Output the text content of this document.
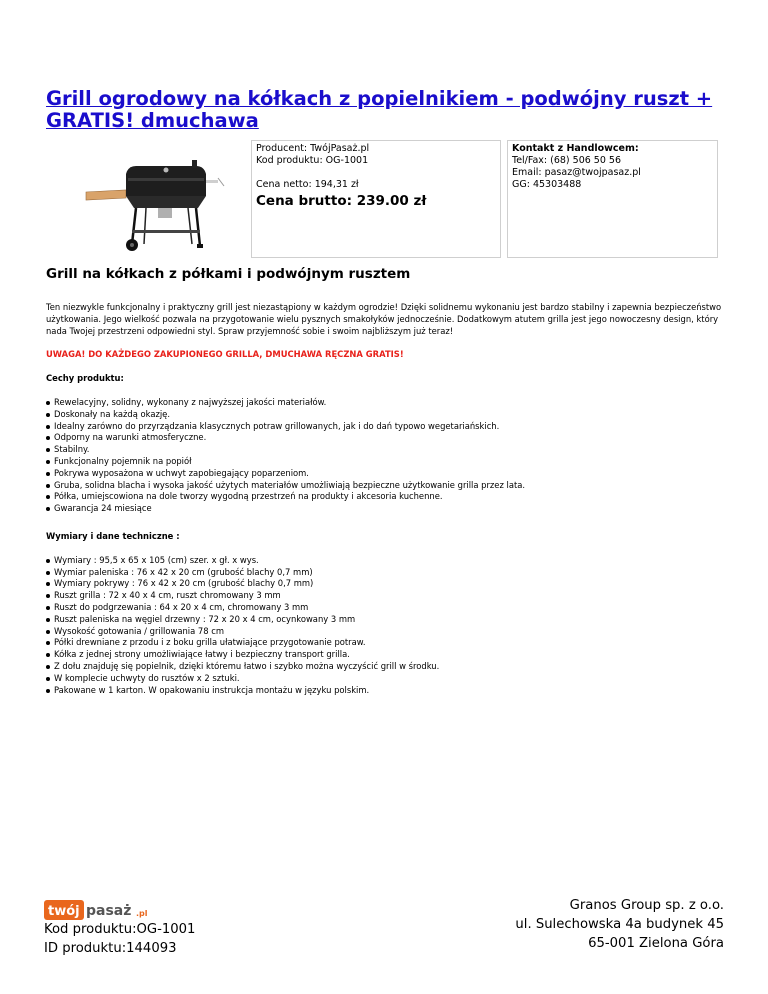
Grill ogrodowy na kółkach z popielnikiem - podwójny ruszt + GRATIS! dmuchawa
Producent: TwójPasaż.pl
Kod produktu: OG-1001
Cena netto: 194,31 zł
Cena brutto: 239.00 zł
Kontakt z Handlowcem:
Tel/Fax: (68) 506 50 56
Email: pasaz@twojpasaz.pl
GG: 45303488
Grill na kółkach z półkami i podwójnym rusztem

Ten niezwykle funkcjonalny i praktyczny grill jest niezastąpiony w każdym ogrodzie! Dzięki solidnemu wykonaniu jest bardzo stabilny i zapewnia bezpieczeństwo użytkowania. Jego wielkość pozwala na przygotowanie wielu pysznych smakołyków jednocześnie. Dodatkowym atutem grilla jest jego nowoczesny design, który nada Twojej przestrzeni odpowiedni styl. Spraw przyjemność sobie i swoim najbliższym już teraz!

UWAGA! DO KAŻDEGO ZAKUPIONEGO GRILLA, DMUCHAWA RĘCZNA GRATIS!

Cechy produktu:

Rewelacyjny, solidny, wykonany z najwyższej jakości materiałów.
Doskonały na każdą okazję.
Idealny zarówno do przyrządzania klasycznych potraw grillowanych, jak i do dań typowo wegetariańskich.
Odporny na warunki atmosferyczne.
Stabilny.
Funkcjonalny pojemnik na popiół
Pokrywa wyposażona w uchwyt zapobiegający poparzeniom.
Gruba, solidna blacha i wysoka jakość użytych materiałów umożliwiają bezpieczne użytkowanie grilla przez lata.
Półka, umiejscowiona na dole tworzy wygodną przestrzeń na produkty i akcesoria kuchenne.
Gwarancja 24 miesiące

Wymiary i dane techniczne :

Wymiary : 95,5 x 65 x 105 (cm) szer. x gł. x wys.
Wymiar paleniska : 76 x 42 x 20 cm (grubość blachy 0,7 mm)
Wymiary pokrywy : 76 x 42 x 20 cm (grubość blachy 0,7 mm)
Ruszt grilla : 72 x 40 x 4 cm, ruszt chromowany 3 mm
Ruszt do podgrzewania : 64 x 20 x 4 cm, chromowany 3 mm
Ruszt paleniska na węgiel drzewny : 72 x 20 x 4 cm, ocynkowany 3 mm
Wysokość gotowania / grillowania 78 cm
Półki drewniane z przodu i z boku grilla ułatwiające przygotowanie potraw.
Kółka z jednej strony umożliwiające łatwy i bezpieczny transport grilla.
Z dołu znajduję się popielnik, dzięki któremu łatwo i szybko można wyczyścić grill w środku.
W komplecie uchwyty do rusztów x 2 sztuki.
Pakowane w 1 karton. W opakowaniu instrukcja montażu w języku polskim.
twój pasaż .pl
Kod produktu:OG-1001
ID produktu:144093
Granos Group sp. z o.o.
ul. Sulechowska 4a budynek 45
65-001 Zielona Góra
